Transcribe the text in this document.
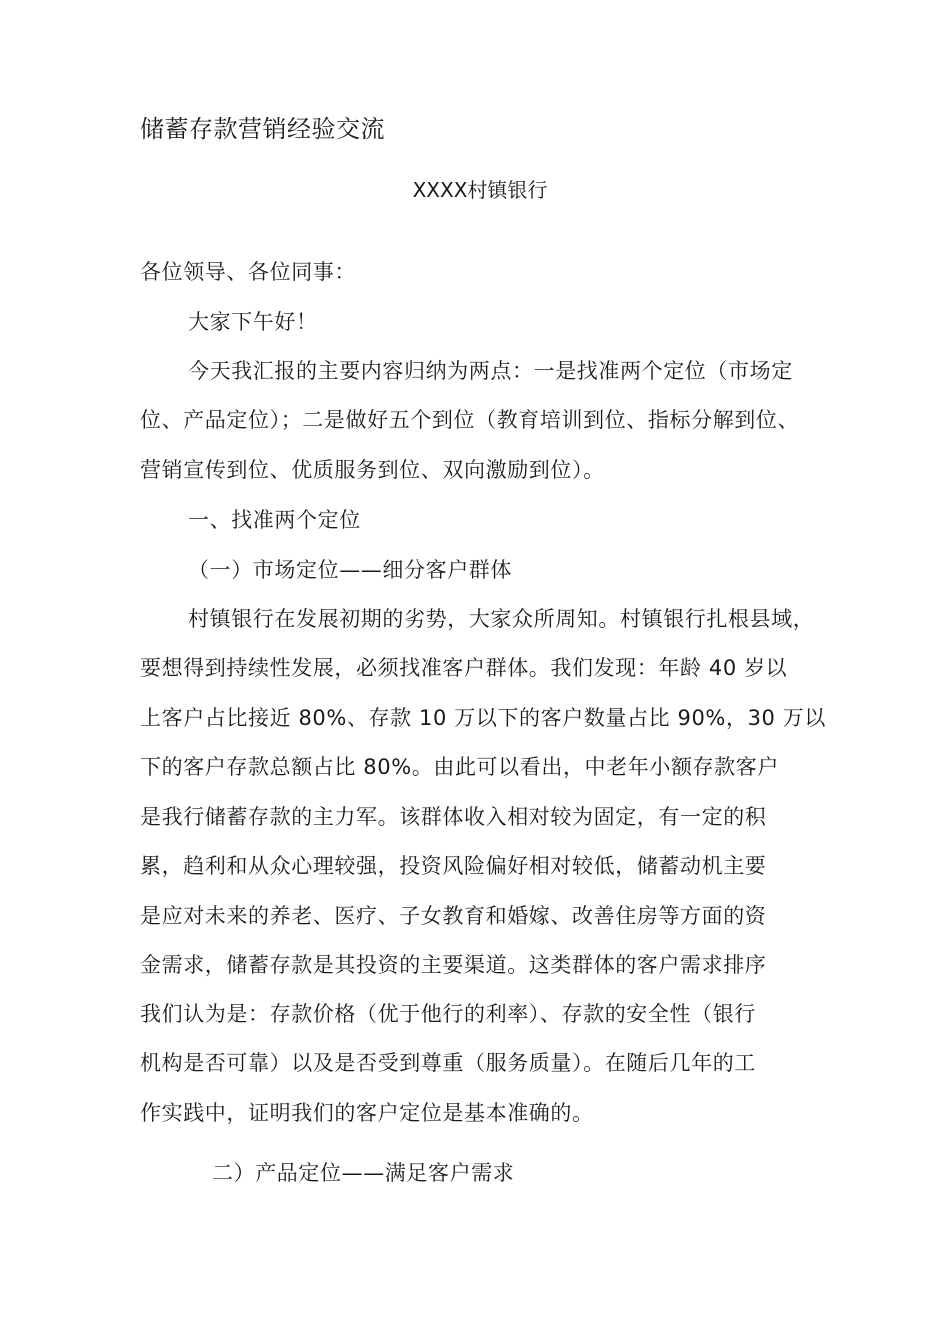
储蓄存款营销经验交流
XXXX村镇银行
各位领导、各位同事：
大家下午好！
今天我汇报的主要内容归纳为两点：一是找准两个定位（市场定
位、产品定位）；二是做好五个到位（教育培训到位、指标分解到位、
营销宣传到位、优质服务到位、双向激励到位）。
一、找准两个定位
（一）市场定位——细分客户群体
村镇银行在发展初期的劣势，大家众所周知。村镇银行扎根县域，
要想得到持续性发展，必须找准客户群体。我们发现：年龄 40 岁以
上客户占比接近 80%、存款 10 万以下的客户数量占比 90%，30 万以
下的客户存款总额占比 80%。由此可以看出，中老年小额存款客户
是我行储蓄存款的主力军。该群体收入相对较为固定，有一定的积
累，趋利和从众心理较强，投资风险偏好相对较低，储蓄动机主要
是应对未来的养老、医疗、子女教育和婚嫁、改善住房等方面的资
金需求，储蓄存款是其投资的主要渠道。这类群体的客户需求排序
我们认为是：存款价格（优于他行的利率）、存款的安全性（银行
机构是否可靠）以及是否受到尊重（服务质量）。在随后几年的工
作实践中，证明我们的客户定位是基本准确的。
二）产品定位——满足客户需求
